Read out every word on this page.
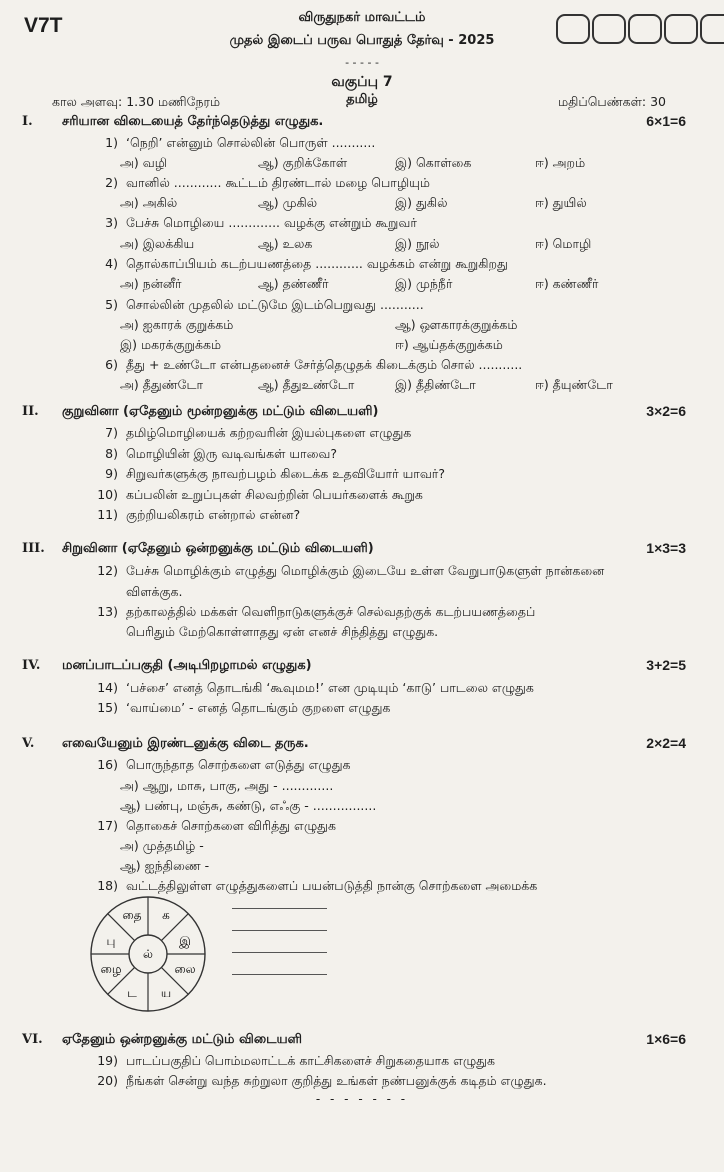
V7T	விருதுநகர் மாவட்டம்
முதல் இடைப் பருவ பொதுத் தேர்வு - 2025
- - - - -
வகுப்பு 7
தமிழ்
கால அளவு: 1.30 மணிநேரம்	மதிப்பெண்கள்: 30
I. சரியான விடையைத் தேர்ந்தெடுத்து எழுதுக.	6×1=6
1) ‘நெறி’ என்னும் சொல்லின் பொருள் ...........
அ) வழி	ஆ) குறிக்கோள்	இ) கொள்கை	ஈ) அறம்
2) வானில் ............ கூட்டம் திரண்டால் மழை பொழியும்
அ) அகில்	ஆ) முகில்	இ) துகில்	ஈ) துயில்
3) பேச்சு மொழியை ............. வழக்கு என்றும் கூறுவர்
அ) இலக்கிய	ஆ) உலக	இ) நூல்	ஈ) மொழி
4) தொல்காப்பியம் கடற்பயணத்தை ............ வழக்கம் என்று கூறுகிறது
அ) நன்னீர்	ஆ) தண்ணீர்	இ) முந்நீர்	ஈ) கண்ணீர்
5) சொல்லின் முதலில் மட்டுமே இடம்பெறுவது ...........
அ) ஐகாரக் குறுக்கம்	ஆ) ஔகாரக்குறுக்கம்
இ) மகரக்குறுக்கம்	ஈ) ஆய்தக்குறுக்கம்
6) தீது + உண்டோ என்பதனைச் சேர்த்தெழுதக் கிடைக்கும் சொல் ...........
அ) தீதுண்டோ	ஆ) தீதுஉண்டோ	இ) தீதிண்டோ	ஈ) தீயுண்டோ
II. குறுவினா (ஏதேனும் மூன்றனுக்கு மட்டும் விடையளி)	3×2=6
7) தமிழ்மொழியைக் கற்றவரின் இயல்புகளை எழுதுக
8) மொழியின் இரு வடிவங்கள் யாவை?
9) சிறுவர்களுக்கு நாவற்பழம் கிடைக்க உதவியோர் யாவர்?
10) கப்பலின் உறுப்புகள் சிலவற்றின் பெயர்களைக் கூறுக
11) குற்றியலிகரம் என்றால் என்ன?
III. சிறுவினா (ஏதேனும் ஒன்றனுக்கு மட்டும் விடையளி)	1×3=3
12) பேச்சு மொழிக்கும் எழுத்து மொழிக்கும் இடையே உள்ள வேறுபாடுகளுள் நான்கனை
விளக்குக.
13) தற்காலத்தில் மக்கள் வெளிநாடுகளுக்குச் செல்வதற்குக் கடற்பயணத்தைப்
பெரிதும் மேற்கொள்ளாதது ஏன் எனச் சிந்தித்து எழுதுக.
IV. மனப்பாடப்பகுதி (அடிபிறழாமல் எழுதுக)	3+2=5
14) ‘பச்சை’ எனத் தொடங்கி ‘கூவுமம!’ என முடியும் ‘காடு’ பாடலை எழுதுக
15) ‘வாய்மை’ - எனத் தொடங்கும் குறளை எழுதுக
V. எவையேனும் இரண்டனுக்கு விடை தருக.	2×2=4
16) பொருந்தாத சொற்களை எடுத்து எழுதுக
அ) ஆறு, மாசு, பாகு, அது - .............
ஆ) பண்பு, மஞ்சு, கண்டு, எஃகு - ................
17) தொகைச் சொற்களை விரித்து எழுதுக
அ) முத்தமிழ் -
ஆ) ஐந்திணை -
18) வட்டத்திலுள்ள எழுத்துகளைப் பயன்படுத்தி நான்கு சொற்களை அமைக்க
ல்
தை க
இ
லை
ய
ட
ழை
பு
VI. ஏதேனும் ஒன்றனுக்கு மட்டும் விடையளி	1×6=6
19) பாடப்பகுதிப் பொம்மலாட்டக் காட்சிகளைச் சிறுகதையாக எழுதுக
20) நீங்கள் சென்று வந்த சுற்றுலா குறித்து உங்கள் நண்பனுக்குக் கடிதம் எழுதுக.
- - - - - - -
